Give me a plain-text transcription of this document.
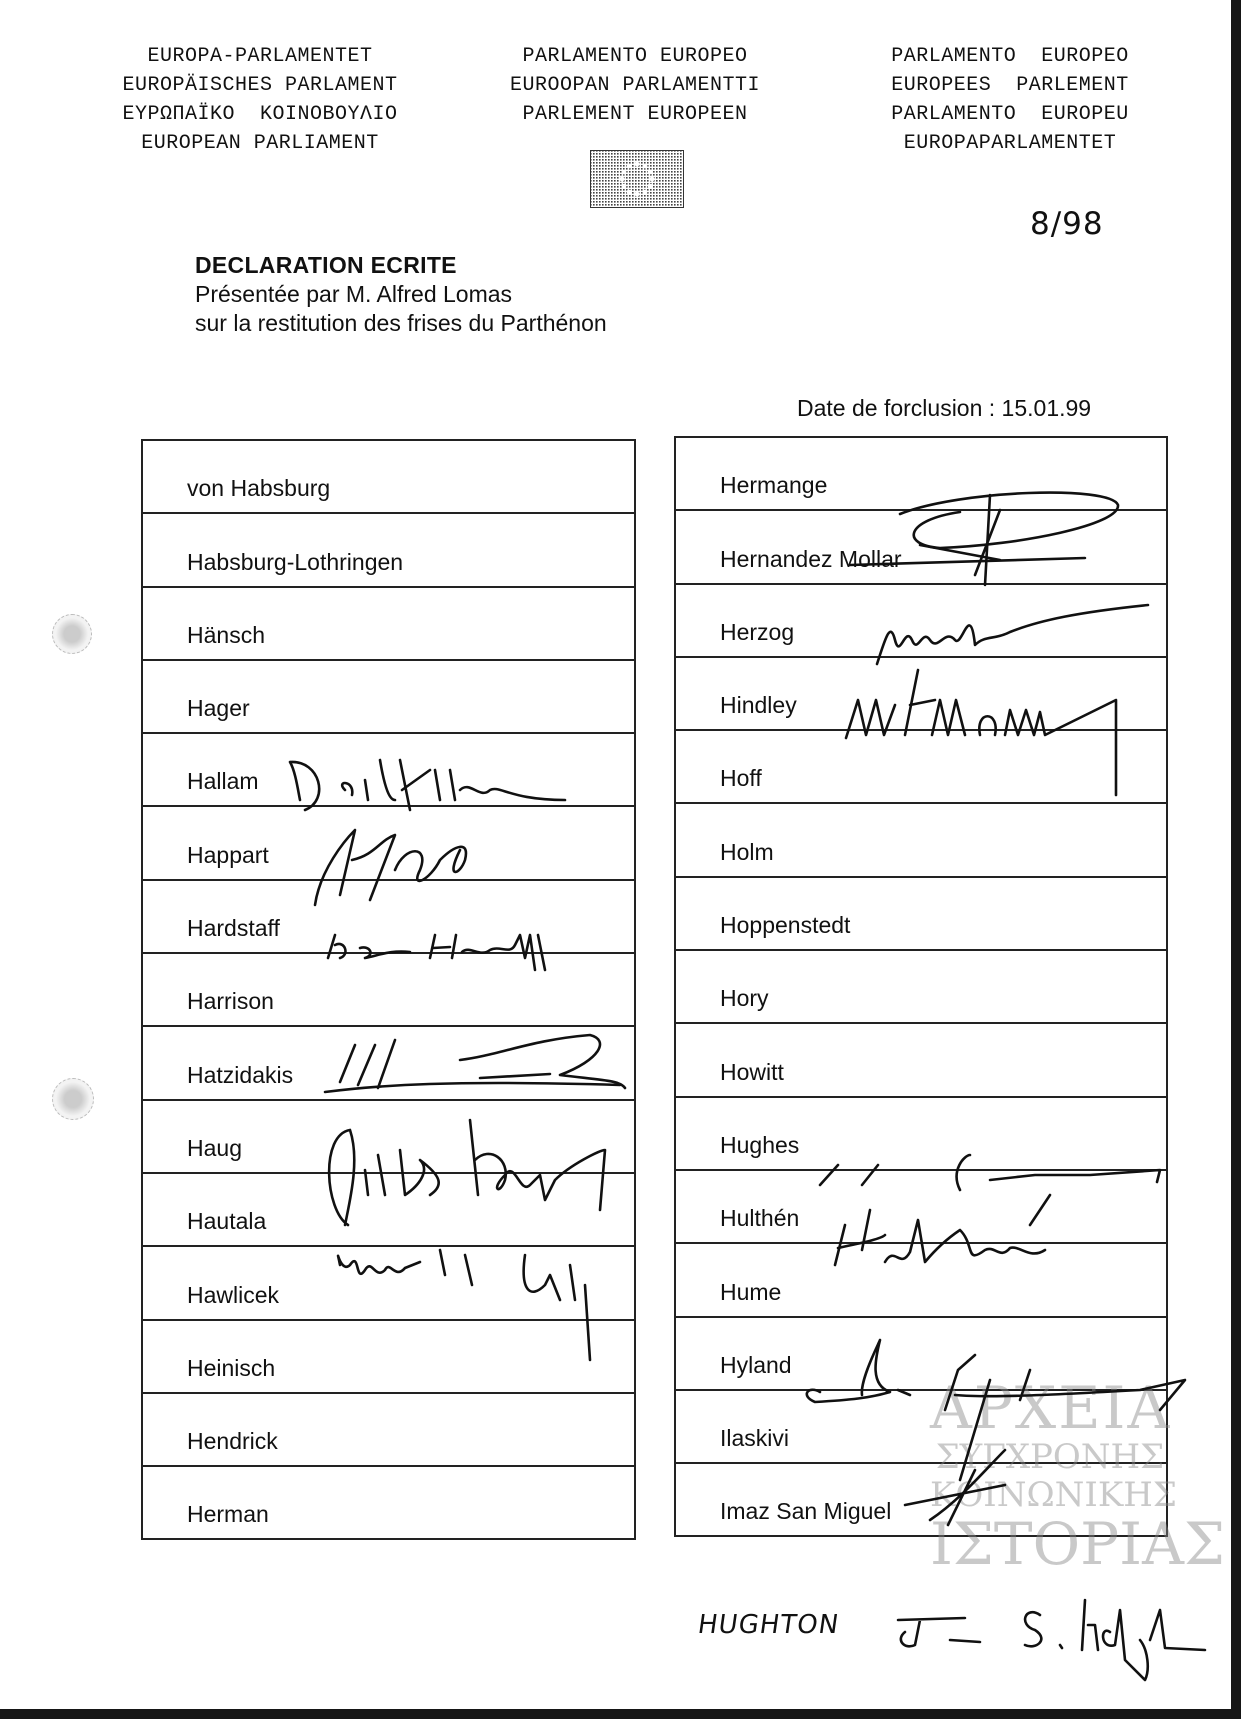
EUROPA-PARLAMENTET
EUROPÄISCHES PARLAMENT
ΕΥΡΩΠΑΪΚΟ  ΚΟΙΝΟΒΟΥΛΙΟ
EUROPEAN PARLIAMENT
PARLAMENTO EUROPEO
EUROOPAN PARLAMENTTI
PARLEMENT EUROPEEN
PARLAMENTO  EUROPEO
EUROPEES  PARLEMENT
PARLAMENTO  EUROPEU
EUROPAPARLAMENTET
8/98
DECLARATION ECRITE
Présentée par M. Alfred Lomas
sur la restitution des frises du Parthénon
Date de forclusion : 15.01.99
von Habsburg
Habsburg-Lothringen
Hänsch
Hager
Hallam
Happart
Hardstaff
Harrison
Hatzidakis
Haug
Hautala
Hawlicek
Heinisch
Hendrick
Herman
Hermange
Hernandez Mollar
Herzog
Hindley
Hoff
Holm
Hoppenstedt
Hory
Howitt
Hughes
Hulthén
Hume
Hyland
Ilaskivi
Imaz San Miguel
ΑΡΧΕΙΑ
ΣΥΓΧΡΟΝΗΣ ΚΟΙΝΩΝΙΚΗΣ
ΙΣΤΟΡΙΑΣ
HUGHTON
